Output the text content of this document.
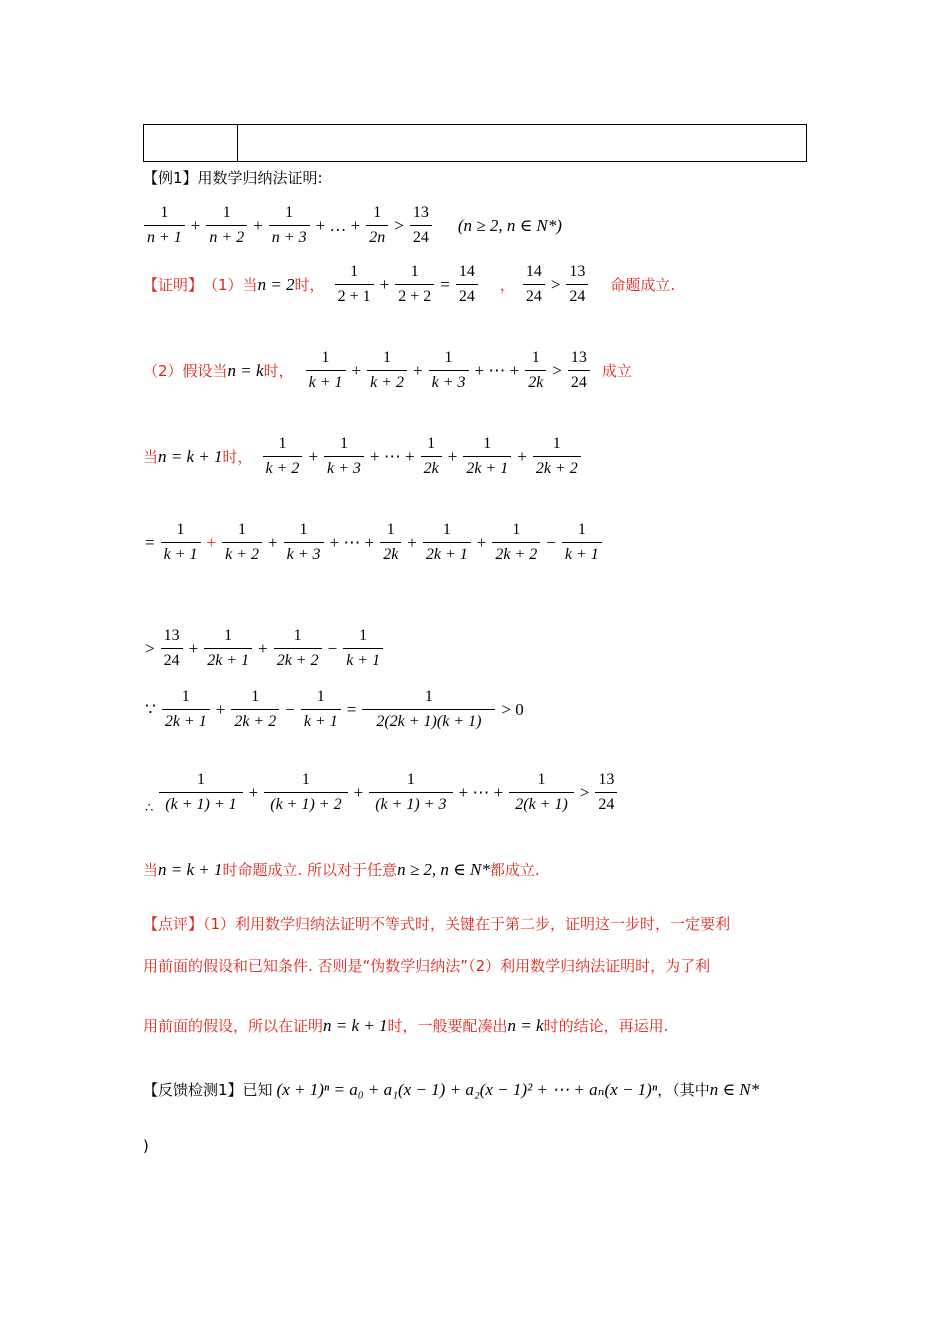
【例1】用数学归纳法证明:
$\frac{1}{n + 1} + \frac{1}{n + 2} + \frac{1}{n + 3}$ + … + $\frac{1}{2n} > \frac{13}{24} (n \ge 2$, n ∈ N*)
【证明】 （1）当 n = 2 时， $\frac{1}{2 + 1} + \frac{1}{2 + 2} = \frac{14}{24}$ ， $\frac{14}{24} > \frac{13}{24}$ 命题成立.
（2）假设当 n = k 时， $\frac{1}{k + 1} + \frac{1}{k + 2} + \frac{1}{k + 3}$ + ⋯ + $\frac{1}{2k} > \frac{13}{24}$ 成立
当 n = k + 1 时， $\frac{1}{k + 2} + \frac{1}{k + 3}$ + ⋯ + $\frac{1}{2k} + \frac{1}{2k + 1} + \frac{1}{2k + 2}$
= $\frac{1}{k + 1} + \frac{1}{k + 2} + \frac{1}{k + 3}$ + ⋯ + $\frac{1}{2k} + \frac{1}{2k + 1} + \frac{1}{2k + 2} - \frac{1}{k + 1}$
> $\frac{13}{24} + \frac{1}{2k + 1} + \frac{1}{2k + 2} - \frac{1}{k + 1}$
∵ $\frac{1}{2k + 1} + \frac{1}{2k + 2} - \frac{1}{k + 1} = \frac{1}{2(2k + 1)(k + 1)} > 0$
∴ $\frac{1}{(k + 1) + 1} + \frac{1}{(k + 1) + 2} + \frac{1}{(k + 1) + 3}$ + ⋯ + $\frac{1}{2(k + 1)} > \frac{13}{24}$
当 n = k + 1 时命题成立. 所以对于任意 n ≥ 2, n ∈ N* 都成立.
【点评】（1）利用数学归纳法证明不等式时，关键在于第二步，证明这一步时，一定要利
用前面的假设和已知条件. 否则是“伪数学归纳法”（2）利用数学归纳法证明时，为了利
用前面的假设，所以在证明 n = k + 1 时，一般要配凑出 n = k 时的结论，再运用.
【反馈检测1】已知 (x + 1)ⁿ = a₀ + a₁(x − 1) + a₂(x − 1)² + ⋯ + aₙ(x − 1)ⁿ ，（其中 n ∈ N*
)
